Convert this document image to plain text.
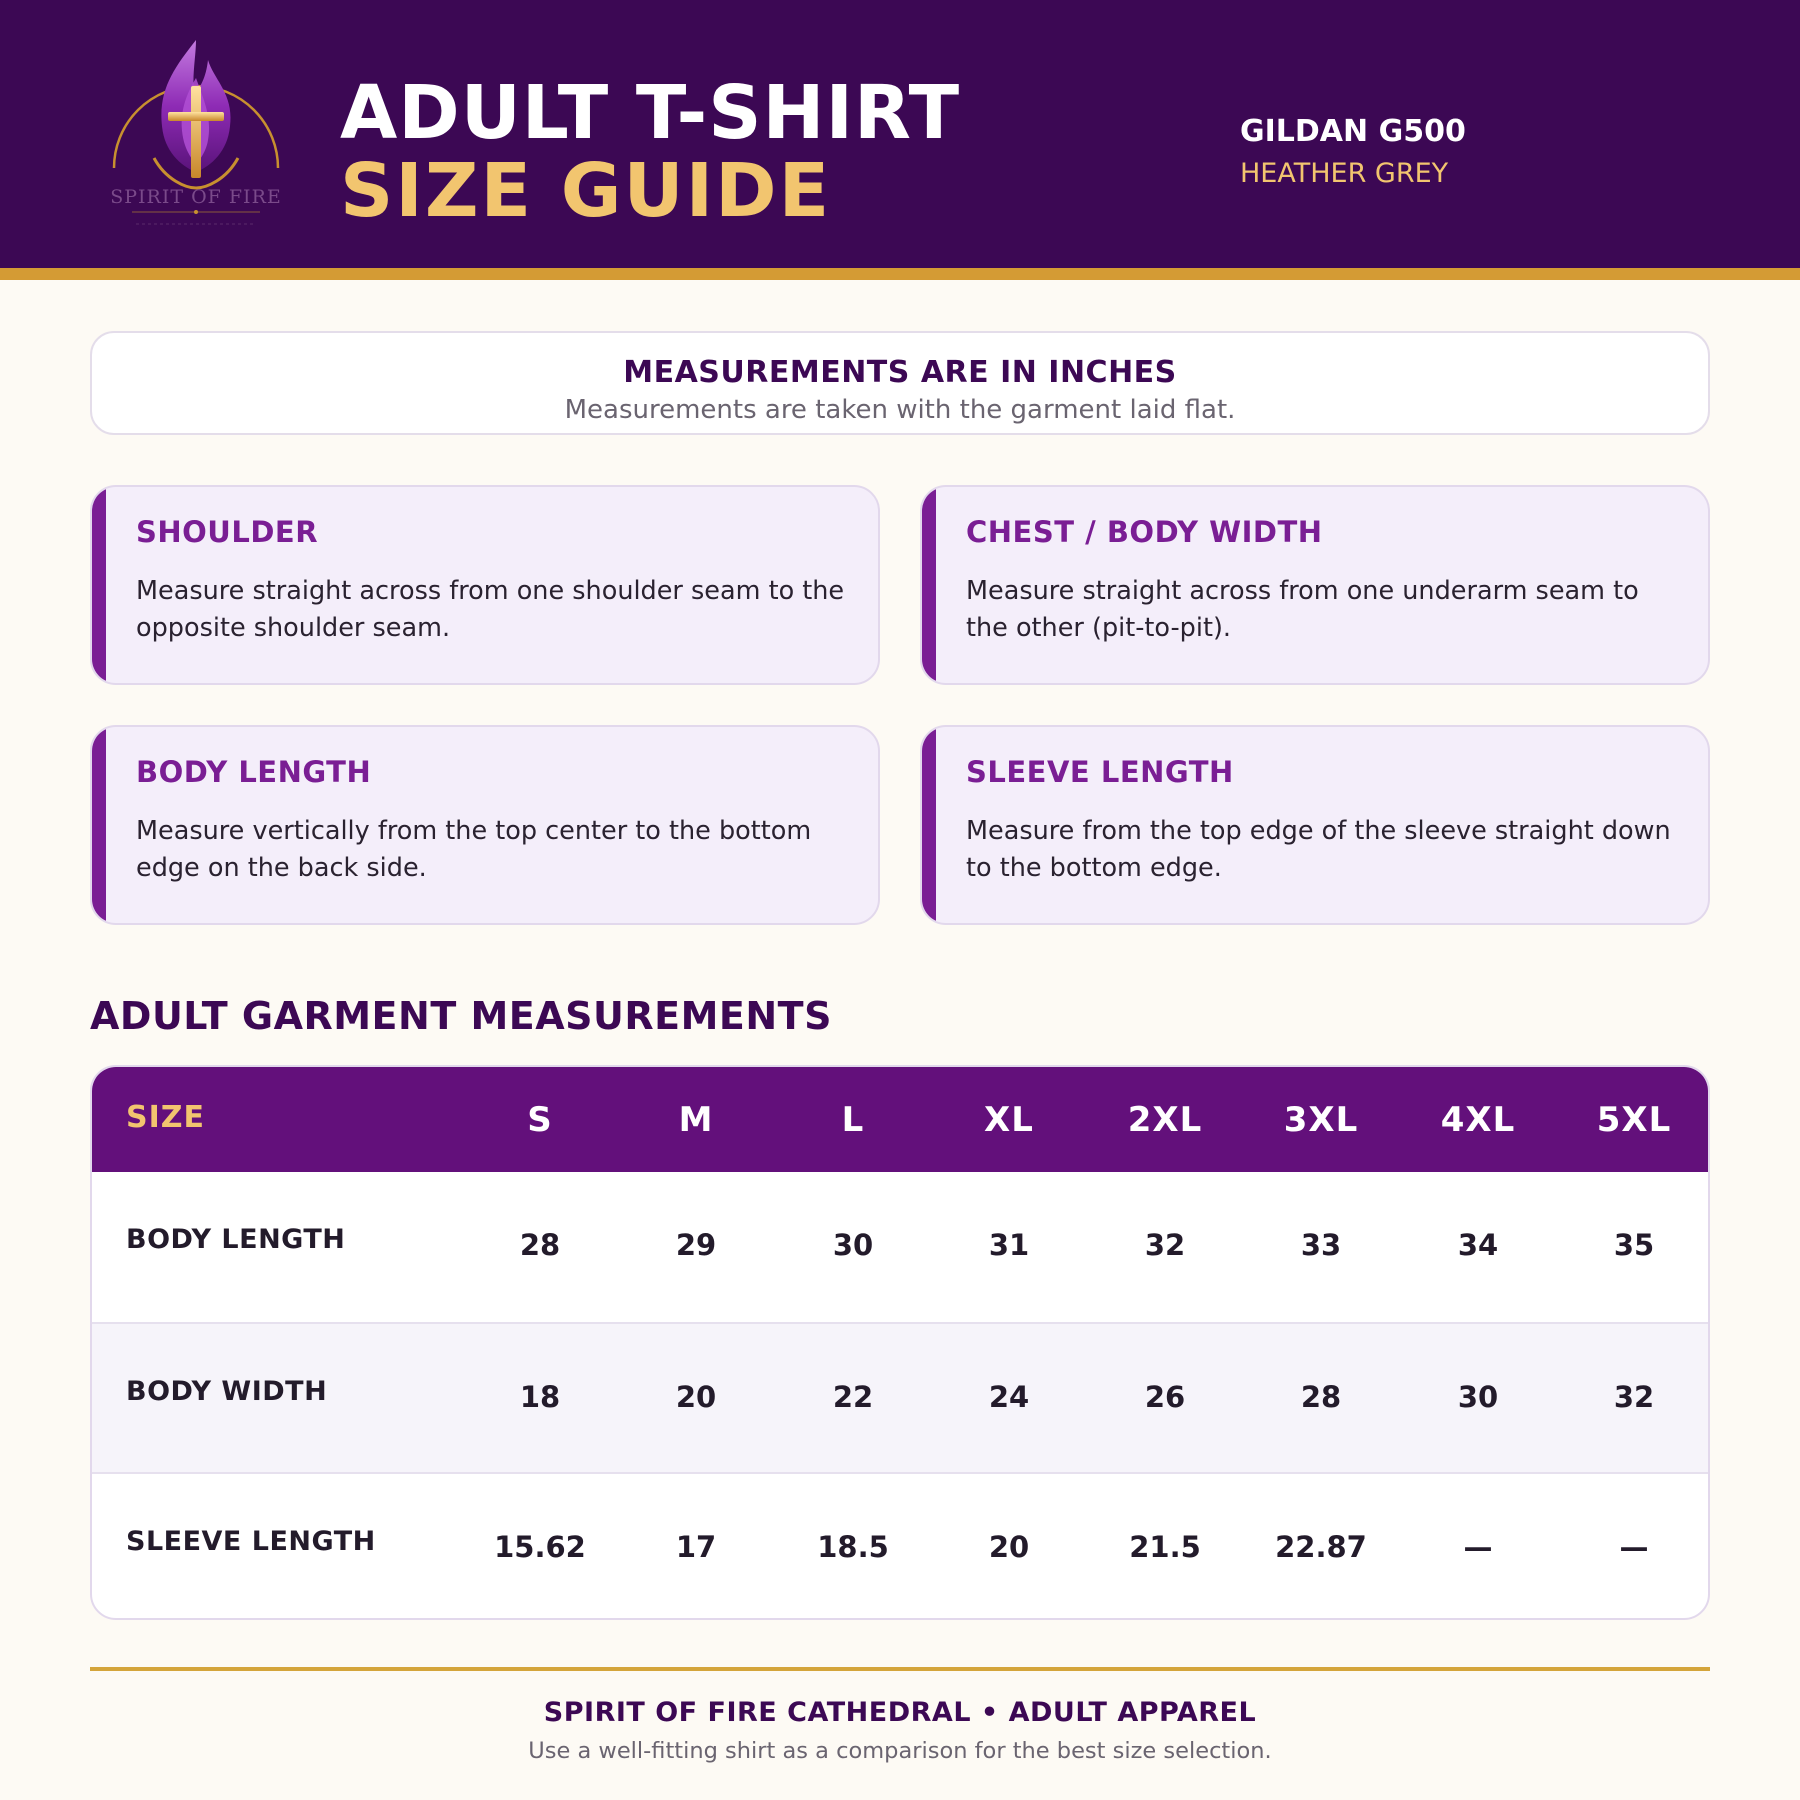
SPIRIT OF FIRE
ADULT T-SHIRT
SIZE GUIDE
GILDAN G500
HEATHER GREY
MEASUREMENTS ARE IN INCHES
Measurements are taken with the garment laid flat.
SHOULDER
Measure straight across from one shoulder seam to the opposite shoulder seam.
CHEST / BODY WIDTH
Measure straight across from one underarm seam to the other (pit-to-pit).
BODY LENGTH
Measure vertically from the top center to the bottom edge on the back side.
SLEEVE LENGTH
Measure from the top edge of the sleeve straight down to the bottom edge.
ADULT GARMENT MEASUREMENTS
SIZE	S	M	L	XL	2XL	3XL	4XL	5XL
BODY LENGTH	28	29	30	31	32	33	34	35
BODY WIDTH	18	20	22	24	26	28	30	32
SLEEVE LENGTH	15.62	17	18.5	20	21.5	22.87	—	—
SPIRIT OF FIRE CATHEDRAL • ADULT APPAREL
Use a well-fitting shirt as a comparison for the best size selection.
